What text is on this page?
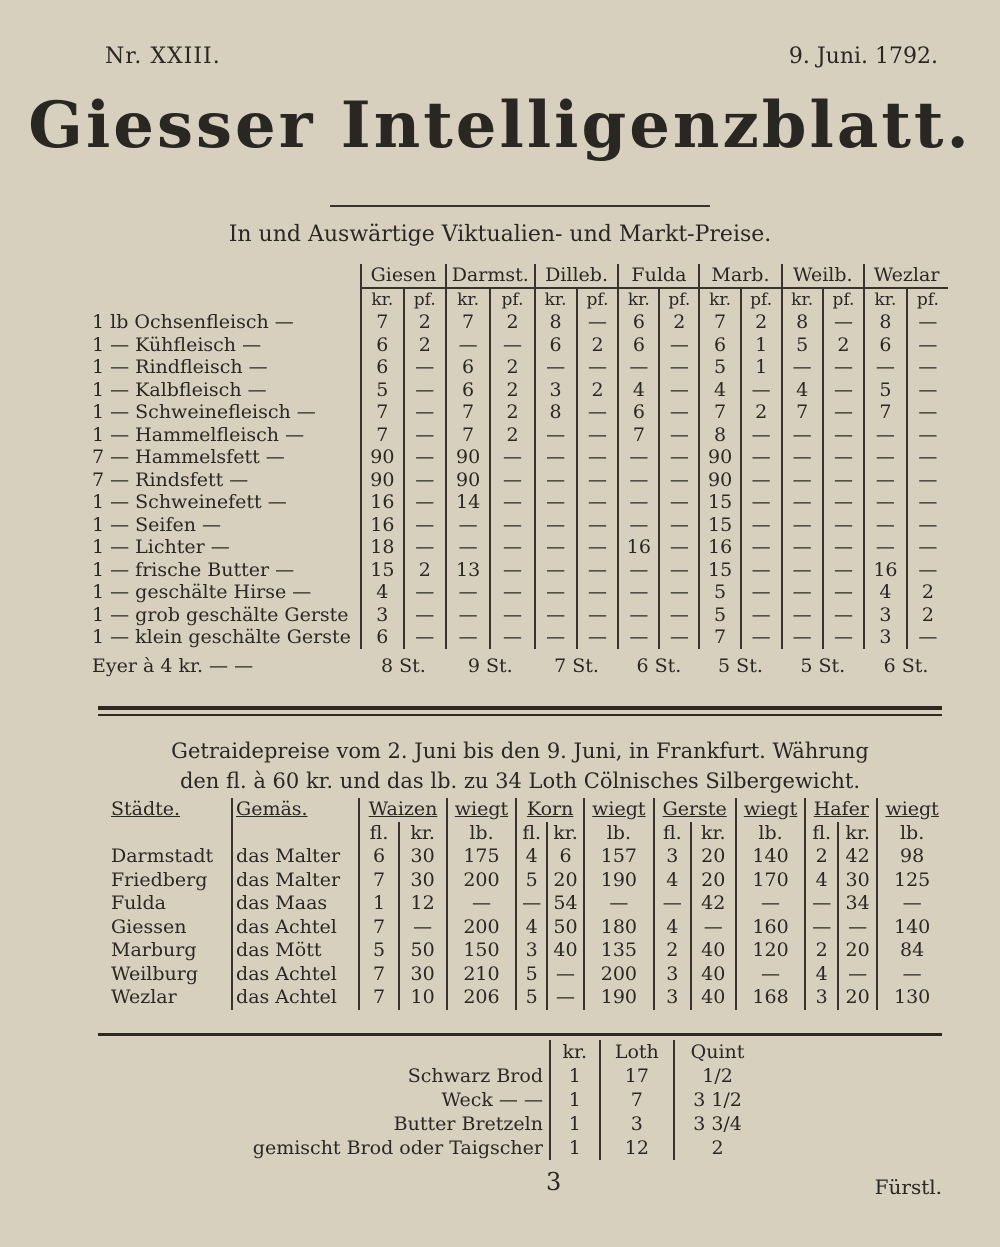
Nr. XXIII.	9. Juni. 1792.
Giesser Intelligenzblatt.
In und Auswärtige Viktualien- und Markt-Preise.
	Giesen		Darmst.		Dilleb.		Fulda		Marb.		Weilb.		Wezlar	
	kr.	pf.	kr.	pf.	kr.	pf.	kr.	pf.	kr.	pf.	kr.	pf.	kr.	pf.
1 lb Ochsenfleisch —	7	2	7	2	8	—	6	2	7	2	8	—	8	—
1 — Kühfleisch —	6	2	—	—	6	2	6	—	6	1	5	2	6	—
1 — Rindfleisch —	6	—	6	2	—	—	—	—	5	1	—	—	—	—
1 — Kalbfleisch —	5	—	6	2	3	2	4	—	4	—	4	—	5	—
1 — Schweinefleisch —	7	—	7	2	8	—	6	—	7	2	7	—	7	—
1 — Hammelfleisch —	7	—	7	2	—	—	7	—	8	—	—	—	—	—
7 — Hammelsfett —	90	—	90	—	—	—	—	—	90	—	—	—	—	—
7 — Rindsfett —	90	—	90	—	—	—	—	—	90	—	—	—	—	—
1 — Schweinefett —	16	—	14	—	—	—	—	—	15	—	—	—	—	—
1 — Seifen —	16	—	—	—	—	—	—	—	15	—	—	—	—	—
1 — Lichter —	18	—	—	—	—	—	16	—	16	—	—	—	—	—
1 — frische Butter —	15	2	13	—	—	—	—	—	15	—	—	—	16	—
1 — geschälte Hirse —	4	—	—	—	—	—	—	—	5	—	—	—	4	2
1 — grob geschälte Gerste	3	—	—	—	—	—	—	—	5	—	—	—	3	2
1 — klein geschälte Gerste	6	—	—	—	—	—	—	—	7	—	—	—	3	—
Eyer à 4 kr. — —	8 St.		9 St.		7 St.		6 St.		5 St.		5 St.		6 St.	
Getraidepreise vom 2. Juni bis den 9. Juni, in Frankfurt. Währung
den fl. à 60 kr. und das lb. zu 34 Loth Cölnisches Silbergewicht.
Städte.	Gemäs.	Waizen		wiegt	Korn		wiegt	Gerste		wiegt	Hafer		wiegt
		fl.	kr.	lb.	fl.	kr.	lb.	fl.	kr.	lb.	fl.	kr.	lb.
Darmstadt	das Malter	6	30	175	4	6	157	3	20	140	2	42	98
Friedberg	das Malter	7	30	200	5	20	190	4	20	170	4	30	125
Fulda	das Maas	1	12	—	—	54	—	—	42	—	—	34	—
Giessen	das Achtel	7	—	200	4	50	180	4	—	160	—	—	140
Marburg	das Mött	5	50	150	3	40	135	2	40	120	2	20	84
Weilburg	das Achtel	7	30	210	5	—	200	3	40	—	4	—	—
Wezlar	das Achtel	7	10	206	5	—	190	3	40	168	3	20	130
	kr.	Loth	Quint
Schwarz Brod	1	17	1/2
Weck — —	1	7	3 1/2
Butter Bretzeln	1	3	3 3/4
gemischt Brod oder Taigscher	1	12	2
3	Fürstl.
